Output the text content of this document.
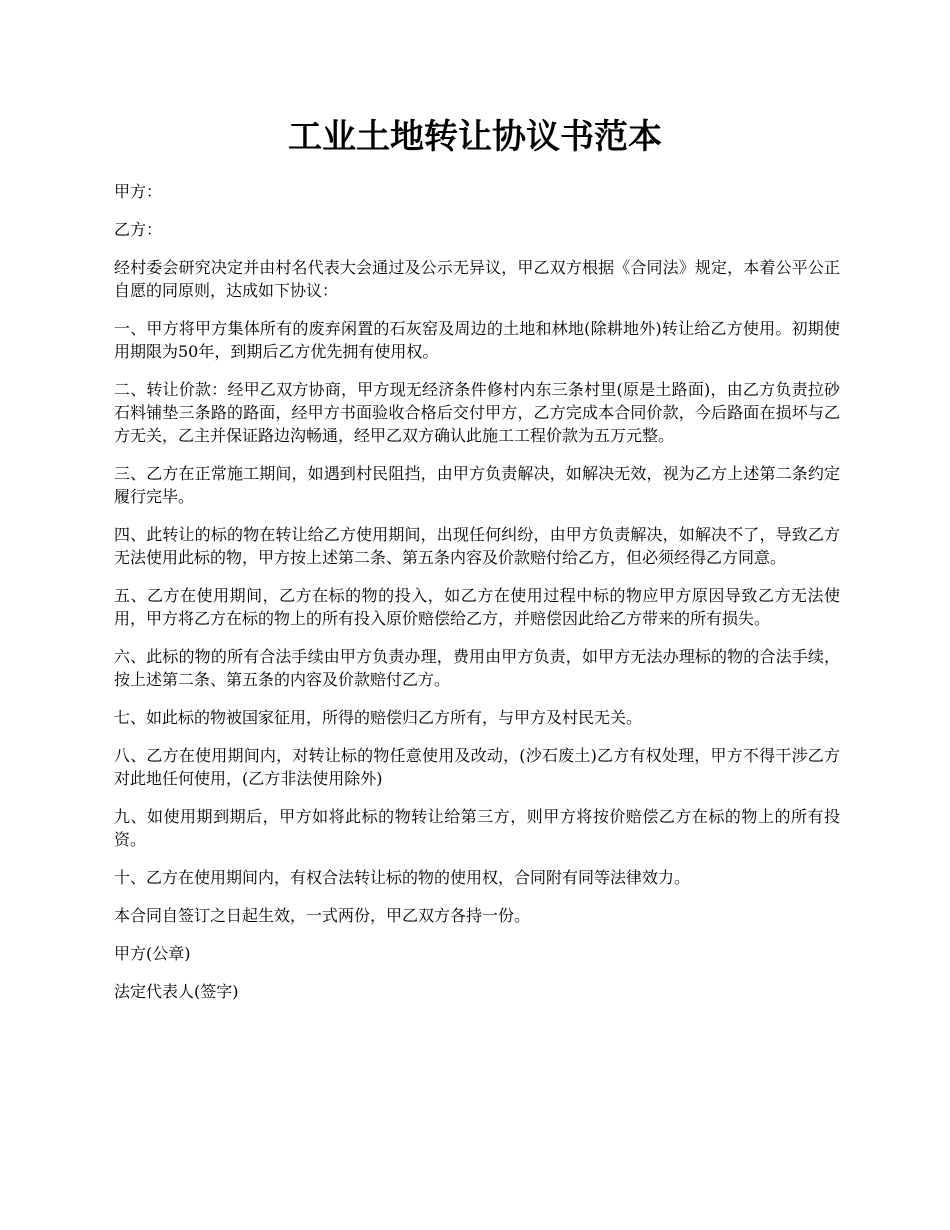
工业土地转让协议书范本

甲方：

乙方：

经村委会研究决定并由村名代表大会通过及公示无异议，甲乙双方根据《合同法》规定，本着公平公正自愿的同原则，达成如下协议：

一、甲方将甲方集体所有的废弃闲置的石灰窑及周边的土地和林地(除耕地外)转让给乙方使用。初期使用期限为50年，到期后乙方优先拥有使用权。

二、转让价款：经甲乙双方协商，甲方现无经济条件修村内东三条村里(原是土路面)，由乙方负责拉砂石料铺垫三条路的路面，经甲方书面验收合格后交付甲方，乙方完成本合同价款，今后路面在损坏与乙方无关，乙主并保证路边沟畅通，经甲乙双方确认此施工工程价款为五万元整。

三、乙方在正常施工期间，如遇到村民阻挡，由甲方负责解决，如解决无效，视为乙方上述第二条约定履行完毕。

四、此转让的标的物在转让给乙方使用期间，出现任何纠纷，由甲方负责解决，如解决不了，导致乙方无法使用此标的物，甲方按上述第二条、第五条内容及价款赔付给乙方，但必须经得乙方同意。

五、乙方在使用期间，乙方在标的物的投入，如乙方在使用过程中标的物应甲方原因导致乙方无法使用，甲方将乙方在标的物上的所有投入原价赔偿给乙方，并赔偿因此给乙方带来的所有损失。

六、此标的物的所有合法手续由甲方负责办理，费用由甲方负责，如甲方无法办理标的物的合法手续，按上述第二条、第五条的内容及价款赔付乙方。

七、如此标的物被国家征用，所得的赔偿归乙方所有，与甲方及村民无关。

八、乙方在使用期间内，对转让标的物任意使用及改动，(沙石废土)乙方有权处理，甲方不得干涉乙方对此地任何使用，(乙方非法使用除外)

九、如使用期到期后，甲方如将此标的物转让给第三方，则甲方将按价赔偿乙方在标的物上的所有投资。

十、乙方在使用期间内，有权合法转让标的物的使用权，合同附有同等法律效力。

本合同自签订之日起生效，一式两份，甲乙双方各持一份。

甲方(公章)

法定代表人(签字)
